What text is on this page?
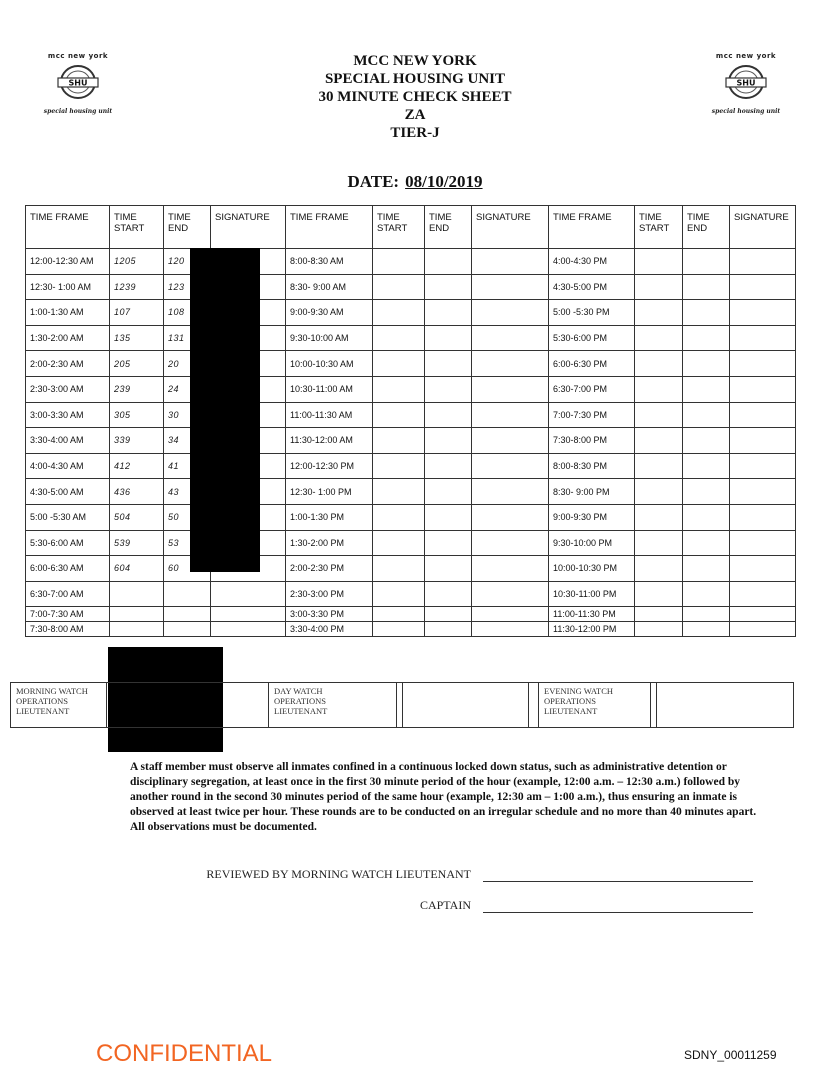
mcc new york
SHU
special housing unit
mcc new york
SHU
special housing unit
MCC NEW YORK
SPECIAL HOUSING UNIT
30 MINUTE CHECK SHEET
ZA
TIER-J
DATE: 08/10/2019
TIME FRAME	TIME START	TIME END	SIGNATURE	TIME FRAME	TIME START	TIME END	SIGNATURE	TIME FRAME	TIME START	TIME END	SIGNATURE
12:00-12:30 AM	1205	120		8:00-8:30 AM				4:00-4:30 PM			
12:30- 1:00 AM	1239	123		8:30- 9:00 AM				4:30-5:00 PM			
1:00-1:30 AM	107	108		9:00-9:30 AM				5:00 -5:30 PM			
1:30-2:00 AM	135	131		9:30-10:00 AM				5:30-6:00 PM			
2:00-2:30 AM	205	20		10:00-10:30 AM				6:00-6:30 PM			
2:30-3:00 AM	239	24		10:30-11:00 AM				6:30-7:00 PM			
3:00-3:30 AM	305	30		11:00-11:30 AM				7:00-7:30 PM			
3:30-4:00 AM	339	34		11:30-12:00 AM				7:30-8:00 PM			
4:00-4:30 AM	412	41		12:00-12:30 PM				8:00-8:30 PM			
4:30-5:00 AM	436	43		12:30- 1:00 PM				8:30- 9:00 PM			
5:00 -5:30 AM	504	50		1:00-1:30 PM				9:00-9:30 PM			
5:30-6:00 AM	539	53		1:30-2:00 PM				9:30-10:00 PM			
6:00-6:30 AM	604	60		2:00-2:30 PM				10:00-10:30 PM			
6:30-7:00 AM				2:30-3:00 PM				10:30-11:00 PM			
7:00-7:30 AM				3:00-3:30 PM				11:00-11:30 PM			
7:30-8:00 AM				3:30-4:00 PM				11:30-12:00 PM			
MORNING WATCH
OPERATIONS
LIEUTENANT

DAY WATCH
OPERATIONS
LIEUTENANT

EVENING WATCH
OPERATIONS
LIEUTENANT

A staff member must observe all inmates confined in a continuous locked down status, such as administrative detention or disciplinary segregation, at least once in the first 30 minute period of the hour (example, 12:00 a.m. – 12:30 a.m.) followed by another round in the second 30 minutes period of the same hour (example, 12:30 am – 1:00 a.m.), thus ensuring an inmate is observed at least twice per hour. These rounds are to be conducted on an irregular schedule and no more than 40 minutes apart. All observations must be documented.
REVIEWED BY MORNING WATCH LIEUTENANT
CAPTAIN
CONFIDENTIAL	SDNY_00011259
